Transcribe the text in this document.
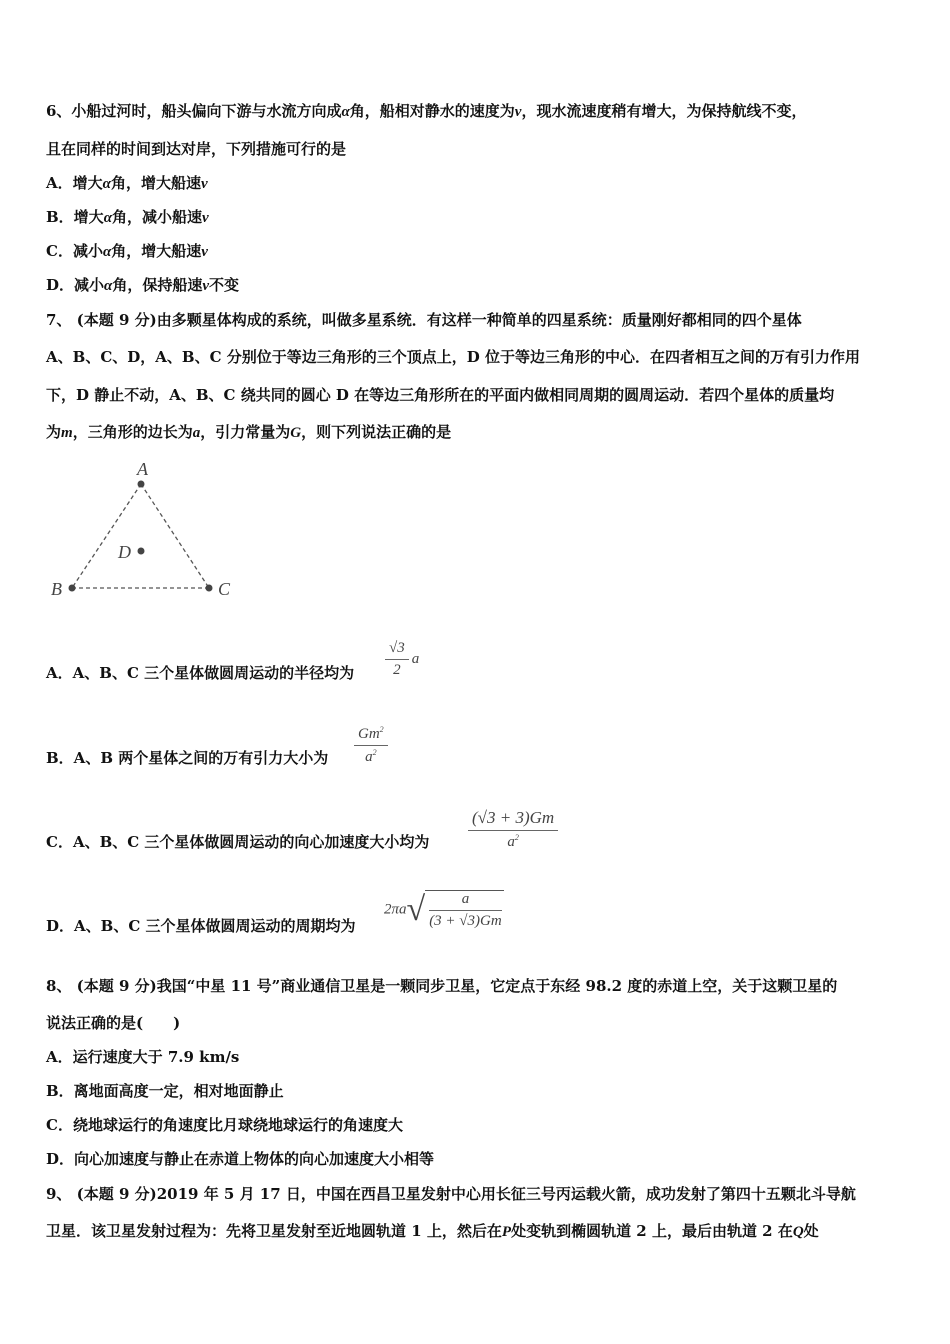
6、小船过河时，船头偏向下游与水流方向成α角，船相对静水的速度为v，现水流速度稍有增大，为保持航线不变，
且在同样的时间到达对岸，下列措施可行的是
A．增大α角，增大船速v
B．增大α角，减小船速v
C．减小α角，增大船速v
D．减小α角，保持船速v不变
7、 (本题 9 分)由多颗星体构成的系统，叫做多星系统．有这样一种简单的四星系统：质量刚好都相同的四个星体
A、B、C、D，A、B、C 分别位于等边三角形的三个顶点上，D 位于等边三角形的中心．在四者相互之间的万有引力作用
下，D 静止不动，A、B、C 绕共同的圆心 D 在等边三角形所在的平面内做相同周期的圆周运动．若四个星体的质量均
为m，三角形的边长为a，引力常量为G，则下列说法正确的是
A
B	C
D
A．A、B、C 三个星体做圆周运动的半径均为 $\frac{√3}{2}$ a
B．A、B 两个星体之间的万有引力大小为 $\frac{Gm^2}{a^2}$
C．A、B、C 三个星体做圆周运动的向心加速度大小均为 $\frac{(√3 + 3)Gm}{a^2}$
D．A、B、C 三个星体做圆周运动的周期均为
$2\pi a√ \frac{a}{(3 + √3)Gm}$
8、 (本题 9 分)我国“中星 11 号”商业通信卫星是一颗同步卫星，它定点于东经 98.2 度的赤道上空，关于这颗卫星的
说法正确的是(　　)
A．运行速度大于 7.9 km/s
B．离地面高度一定，相对地面静止
C．绕地球运行的角速度比月球绕地球运行的角速度大
D．向心加速度与静止在赤道上物体的向心加速度大小相等
9、 (本题 9 分)2019 年 5 月 17 日，中国在西昌卫星发射中心用长征三号丙运载火箭，成功发射了第四十五颗北斗导航
卫星．该卫星发射过程为：先将卫星发射至近地圆轨道 1 上，然后在P处变轨到椭圆轨道 2 上，最后由轨道 2 在Q处
